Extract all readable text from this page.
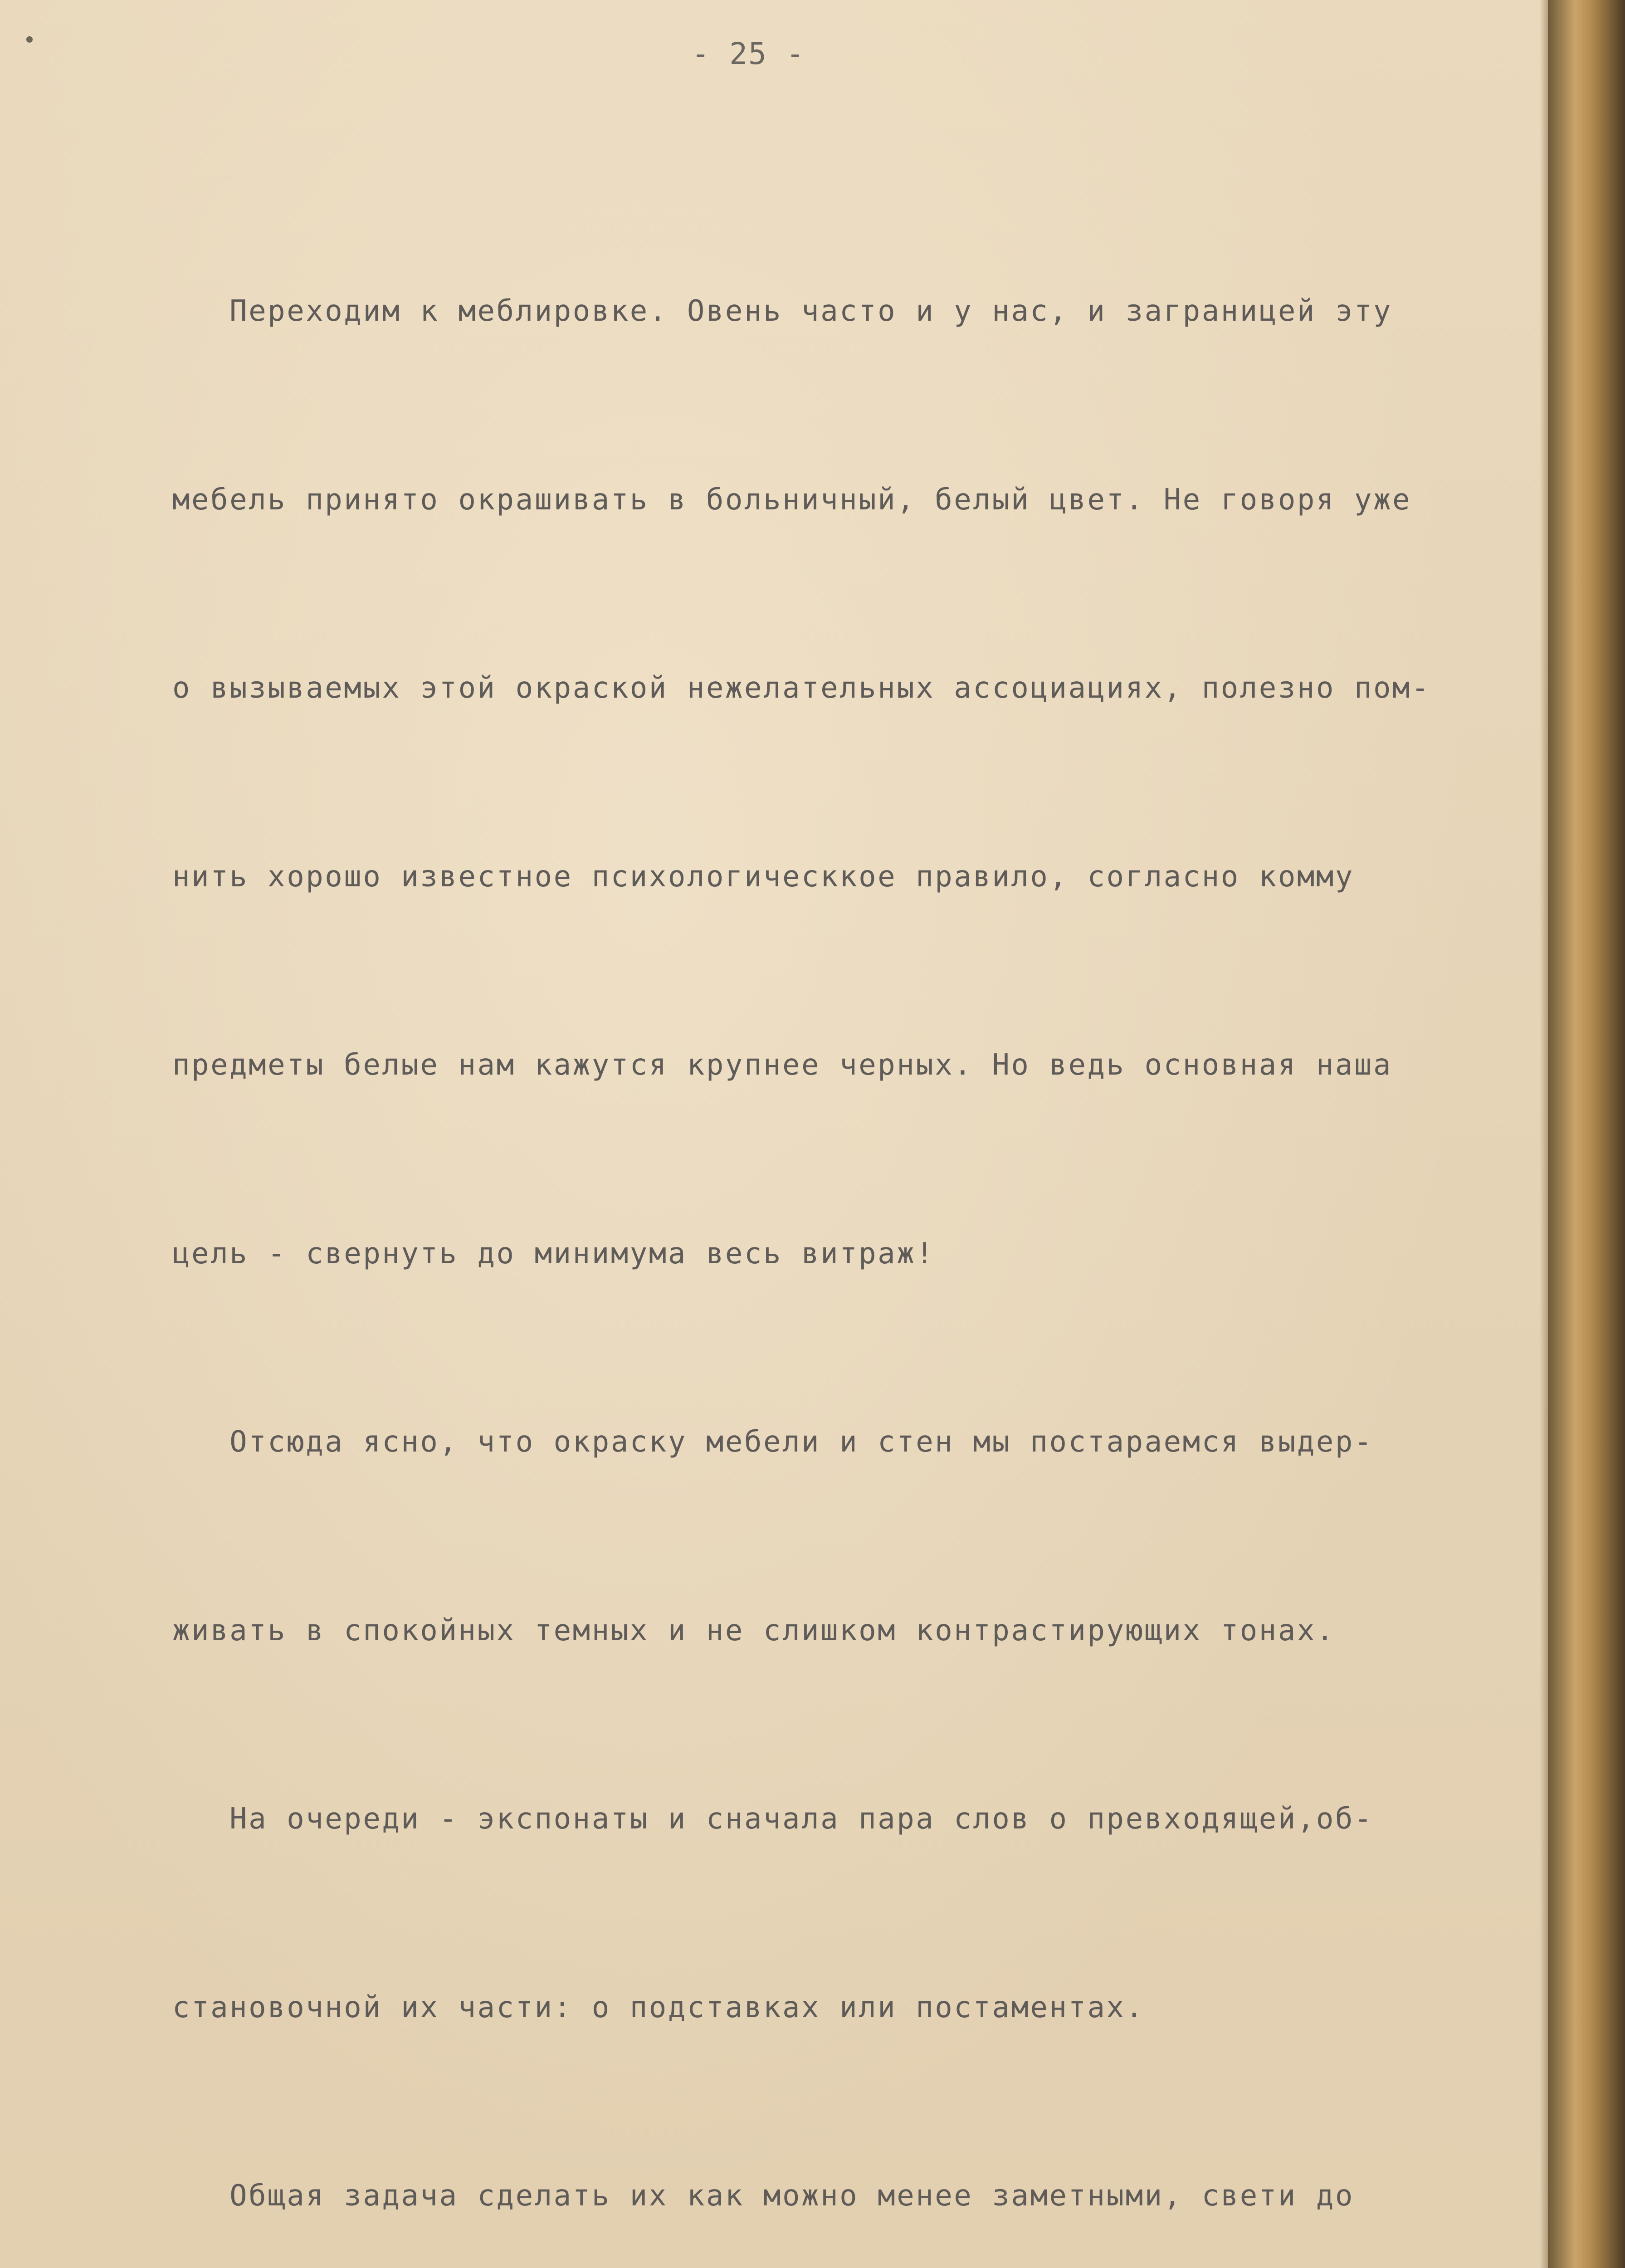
- 25 -

Переходим к меблировке. Овень часто и у нас, и заграницей эту

мебель принято окрашивать в больничный, белый цвет. Не говоря уже

о вызываемых этой окраской нежелательных ассоциациях, полезно пом-

нить хорошо известное психологическкое правило, согласно комму

предметы белые нам кажутся крупнее черных. Но ведь основная наша

цель - свернуть до минимума весь витраж!

Отсюда ясно, что окраску мебели и стен мы постараемся выдер-

живать в спокойных темных и не слишком контрастирующих тонах.

На очереди - экспонаты и сначала пара слов о превходящей,об-

становочной их части: о подставках или постаментах.

Общая задача сделать их как можно менее заметными, свети до
